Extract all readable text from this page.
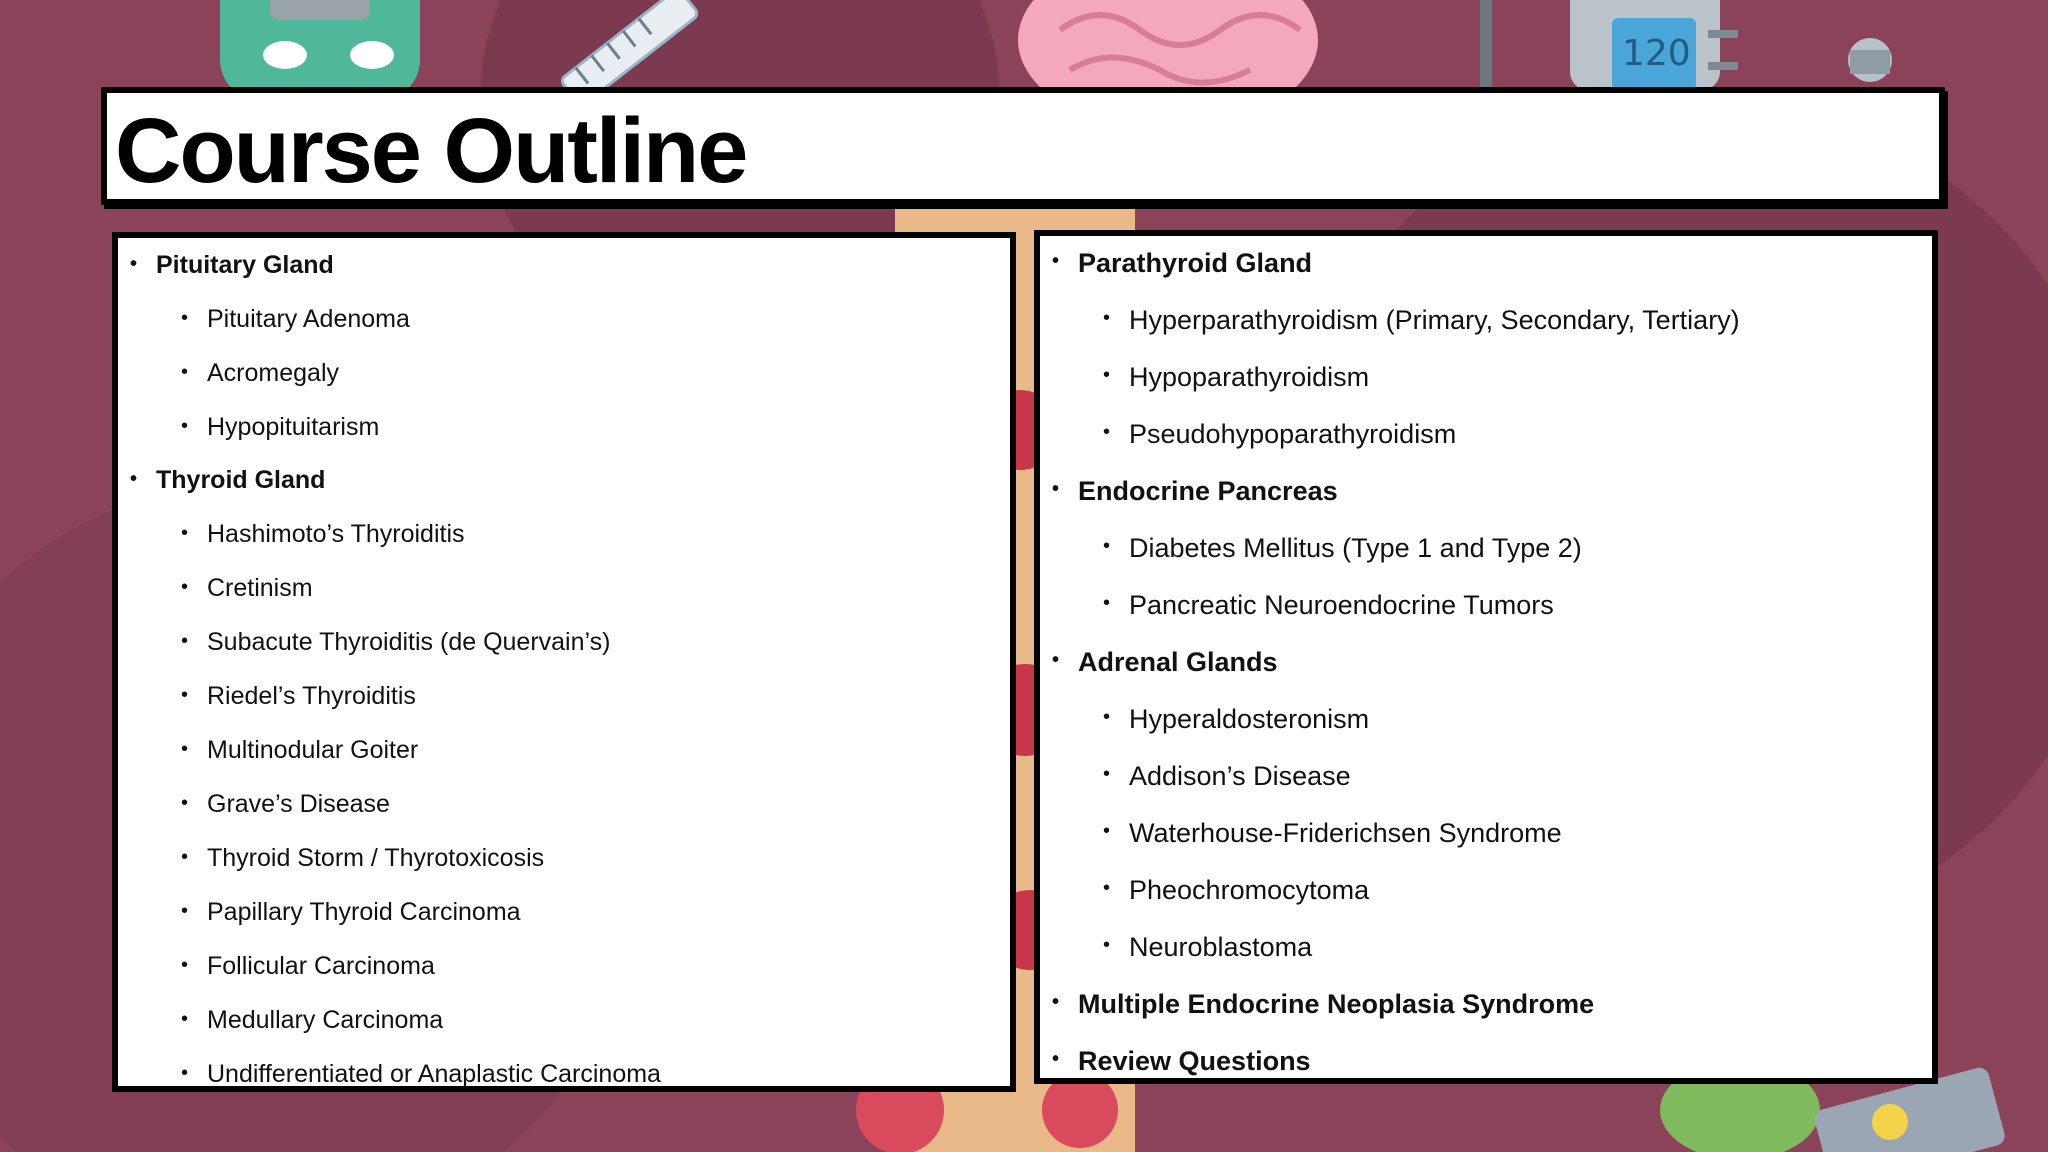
120
Course Outline
• Pituitary Gland
• Pituitary Adenoma
• Acromegaly
• Hypopituitarism
• Thyroid Gland
• Hashimoto’s Thyroiditis
• Cretinism
• Subacute Thyroiditis (de Quervain’s)
• Riedel’s Thyroiditis
• Multinodular Goiter
• Grave’s Disease
• Thyroid Storm / Thyrotoxicosis
• Papillary Thyroid Carcinoma
• Follicular Carcinoma
• Medullary Carcinoma
• Undifferentiated or Anaplastic Carcinoma
• Parathyroid Gland
• Hyperparathyroidism (Primary, Secondary, Tertiary)
• Hypoparathyroidism
• Pseudohypoparathyroidism
• Endocrine Pancreas
• Diabetes Mellitus (Type 1 and Type 2)
• Pancreatic Neuroendocrine Tumors
• Adrenal Glands
• Hyperaldosteronism
• Addison’s Disease
• Waterhouse-Friderichsen Syndrome
• Pheochromocytoma
• Neuroblastoma
• Multiple Endocrine Neoplasia Syndrome
• Review Questions
